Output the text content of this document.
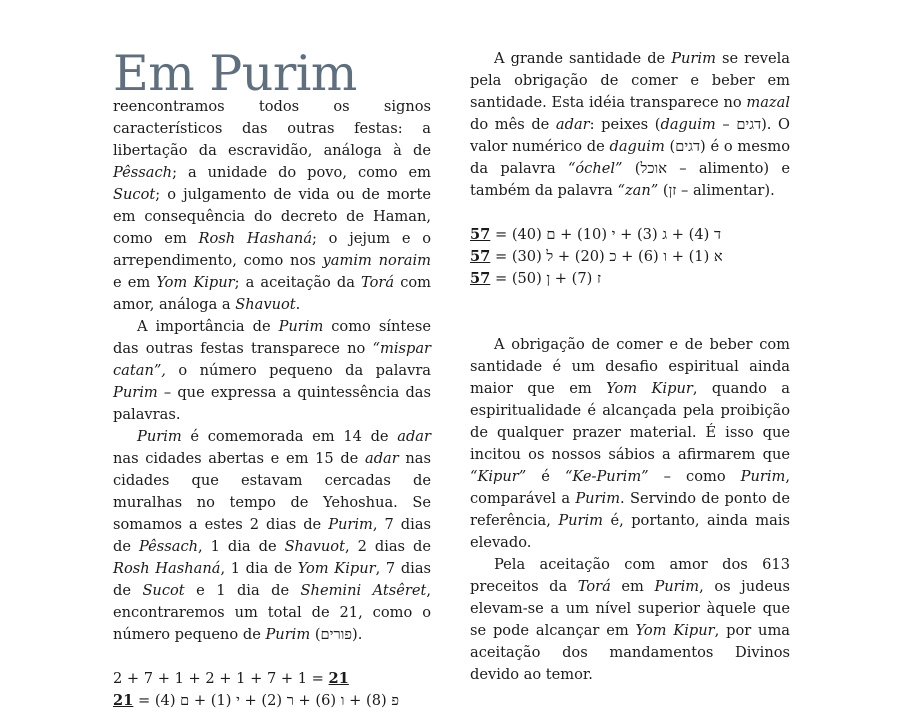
Em Purim
reencontramos todos os signos característicos das outras festas: a libertação da escravidão, análoga à de Pêssach; a unidade do povo, como em Sucot; o julgamento de vida ou de morte em consequência do decreto de Haman, como em Rosh Hashaná; o jejum e o arrependimento, como nos yamim noraim e em Yom Kipur; a aceitação da Torá com amor, análoga a Shavuot.

A importância de Purim como síntese das outras festas transparece no “mispar catan”, o número pequeno da palavra Purim – que expressa a quintessência das palavras.

Purim é comemorada em 14 de adar nas cidades abertas e em 15 de adar nas cidades que estavam cercadas de muralhas no tempo de Yehoshua. Se somamos a estes 2 dias de Purim, 7 dias de Pêssach, 1 dia de Shavuot, 2 dias de Rosh Hashaná, 1 dia de Yom Kipur, 7 dias de Sucot e 1 dia de Shemini Atsêret, encontraremos um total de 21, como o número pequeno de Purim (פורים).

2 + 7 + 1 + 2 + 1 + 7 + 1 = 21

פ (8) + ו (6) + ר (2) + י (1) + ם (4) = 21

A grande santidade de Purim se revela pela obrigação de comer e beber em santidade. Esta idéia transparece no mazal do mês de adar: peixes (daguim – דגים). O valor numérico de daguim (דגים) é o mesmo da palavra “óchel” (אוכל – alimento) e também da palavra “zan” (זן – alimentar).

ד (4) + ג (3) + י (10) + ם (40) = 57

א (1) + ו (6) + כ (20) + ל (30) = 57

ז (7) + ן (50) = 57

A obrigação de comer e de beber com santidade é um desafio espiritual ainda maior que em Yom Kipur, quando a espiritualidade é alcançada pela proibição de qualquer prazer material. É isso que incitou os nossos sábios a afirmarem que “Kipur” é “Ke-Purim” – como Purim, comparável a Purim. Servindo de ponto de referência, Purim é, portanto, ainda mais elevado.

Pela aceitação com amor dos 613 preceitos da Torá em Purim, os judeus elevam-se a um nível superior àquele que se pode alcançar em Yom Kipur, por uma aceitação dos mandamentos Divinos devido ao temor.
